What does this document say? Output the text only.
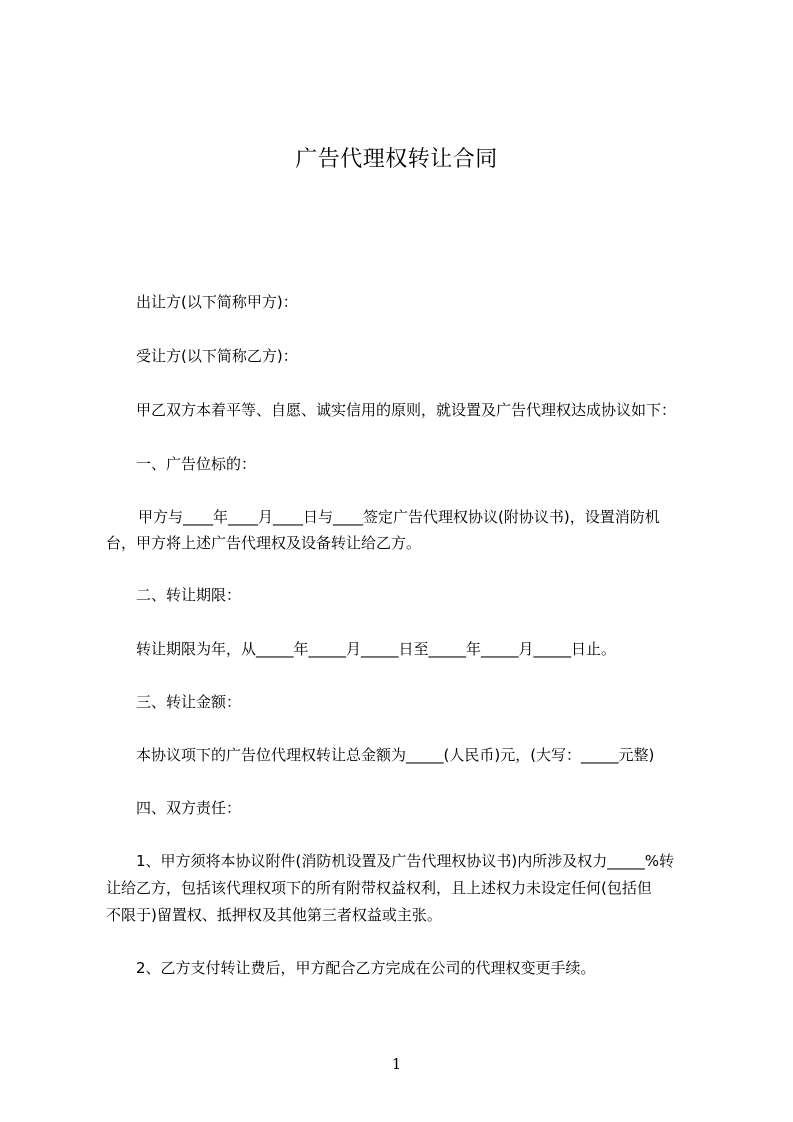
广告代理权转让合同
出让方(以下简称甲方)：
受让方(以下简称乙方)：
甲乙双方本着平等、自愿、诚实信用的原则，就设置及广告代理权达成协议如下：
一、广告位标的：
甲方与____年____月____日与____签定广告代理权协议(附协议书)，设置消防机
台，甲方将上述广告代理权及设备转让给乙方。
二、转让期限：
转让期限为年，从_____年_____月_____日至_____年_____月_____日止。
三、转让金额：
本协议项下的广告位代理权转让总金额为_____(人民币)元，(大写：_____元整)
四、双方责任：
1、甲方须将本协议附件(消防机设置及广告代理权协议书)内所涉及权力_____%转
让给乙方，包括该代理权项下的所有附带权益权利，且上述权力未设定任何(包括但
不限于)留置权、抵押权及其他第三者权益或主张。
2、乙方支付转让费后，甲方配合乙方完成在公司的代理权变更手续。
1
